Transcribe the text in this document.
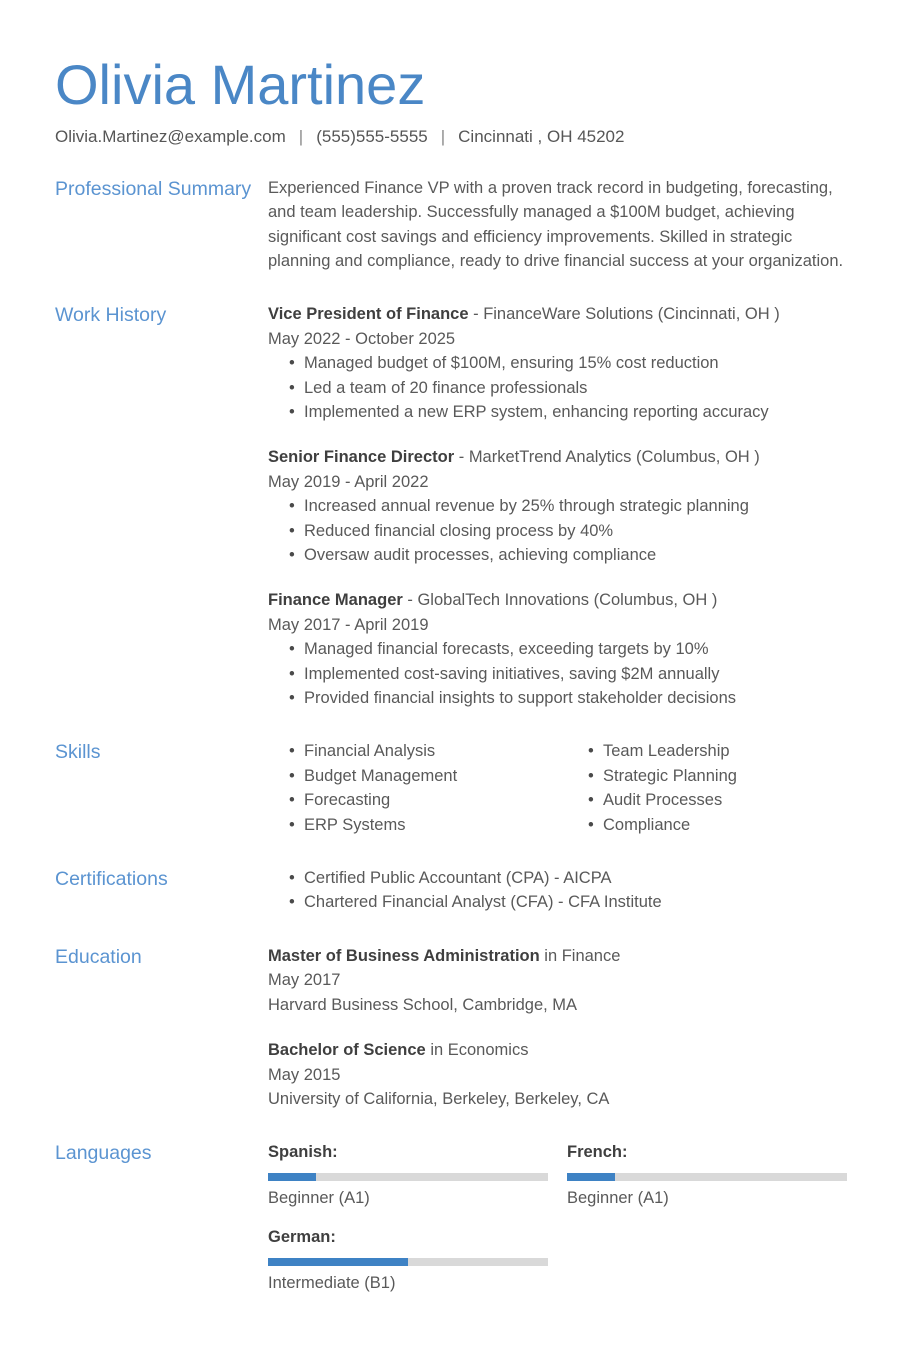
Olivia Martinez
Olivia.Martinez@example.com | (555)555-5555 | Cincinnati , OH 45202
Professional Summary	Experienced Finance VP with a proven track record in budgeting, forecasting, and team leadership. Successfully managed a $100M budget, achieving significant cost savings and efficiency improvements. Skilled in strategic planning and compliance, ready to drive financial success at your organization.

Work History	Vice President of Finance - FinanceWare Solutions (Cincinnati, OH )
May 2022 - October 2025
• Managed budget of $100M, ensuring 15% cost reduction
• Led a team of 20 finance professionals
• Implemented a new ERP system, enhancing reporting accuracy
Senior Finance Director - MarketTrend Analytics (Columbus, OH )
May 2019 - April 2022
• Increased annual revenue by 25% through strategic planning
• Reduced financial closing process by 40%
• Oversaw audit processes, achieving compliance
Finance Manager - GlobalTech Innovations (Columbus, OH )
May 2017 - April 2019
• Managed financial forecasts, exceeding targets by 10%
• Implemented cost-saving initiatives, saving $2M annually
• Provided financial insights to support stakeholder decisions
Skills	• Financial Analysis
• Budget Management
• Forecasting
• ERP Systems
• Team Leadership
• Strategic Planning
• Audit Processes
• Compliance
Certifications	• Certified Public Accountant (CPA) - AICPA
• Chartered Financial Analyst (CFA) - CFA Institute
Education	Master of Business Administration in Finance
May 2017
Harvard Business School, Cambridge, MA
Bachelor of Science in Economics
May 2015
University of California, Berkeley, Berkeley, CA
Languages	Spanish:
Beginner (A1)
French:
Beginner (A1)
German:
Intermediate (B1)
